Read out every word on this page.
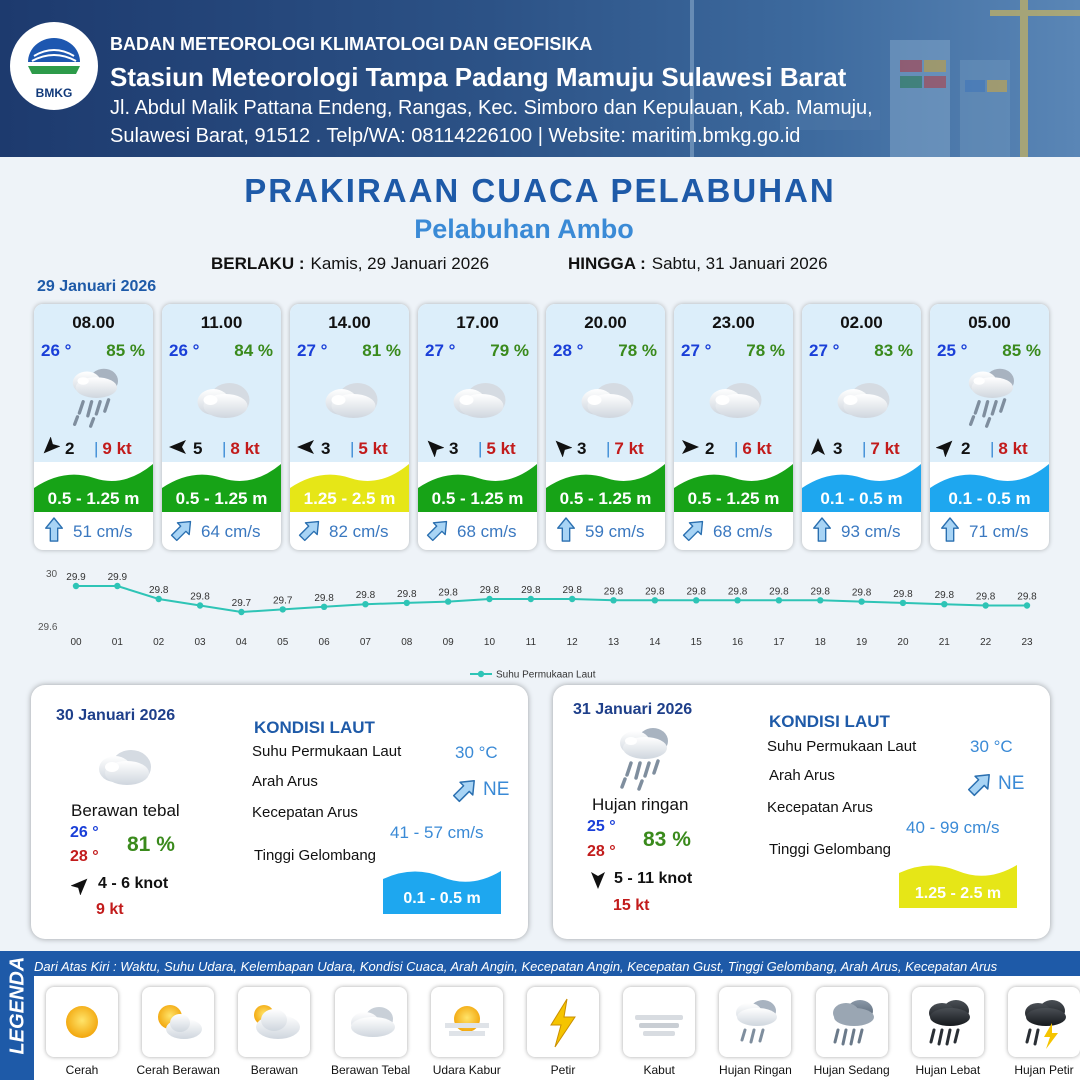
BMKG
BADAN METEOROLOGI KLIMATOLOGI DAN GEOFISIKA
Stasiun Meteorologi Tampa Padang Mamuju Sulawesi Barat
Jl. Abdul Malik Pattana Endeng, Rangas, Kec. Simboro dan Kepulauan, Kab. Mamuju,
Sulawesi Barat, 91512 . Telp/WA: 08114226100 | Website: maritim.bmkg.go.id
PRAKIRAAN CUACA PELABUHAN
Pelabuhan Ambo
BERLAKU : Kamis, 29 Januari 2026	HINGGA : Sabtu, 31 Januari 2026
29 Januari 2026
08.00
26 ° 85 %
2 | 9 kt
0.5 - 1.25 m
51 cm/s
11.00
26 ° 84 %
5 | 8 kt
0.5 - 1.25 m
64 cm/s
14.00
27 ° 81 %
3 | 5 kt
1.25 - 2.5 m
82 cm/s
17.00
27 ° 79 %
3 | 5 kt
0.5 - 1.25 m
68 cm/s
20.00
28 ° 78 %
3 | 7 kt
0.5 - 1.25 m
59 cm/s
23.00
27 ° 78 %
2 | 6 kt
0.5 - 1.25 m
68 cm/s
02.00
27 ° 83 %
3 | 7 kt
0.1 - 0.5 m
93 cm/s
05.00
25 ° 85 %
2 | 8 kt
0.1 - 0.5 m
71 cm/s
30
29.6
29.9
00
29.9
01
29.8
02
29.8
03
29.7
04
29.7
05
29.8
06
29.8
07
29.8
08
29.8
09
29.8
10
29.8
11
29.8
12
29.8
13
29.8
14
29.8
15
29.8
16
29.8
17
29.8
18
29.8
19
29.8
20
29.8
21
29.8
22
29.8
23
Suhu Permukaan Laut
30 Januari 2026
Berawan tebal
26 °
28 °
81 %
4 - 6 knot
9 kt
KONDISI LAUT
Suhu Permukaan Laut	30 °C
Arah Arus	NE
Kecepatan Arus
41 - 57 cm/s
Tinggi Gelombang
0.1 - 0.5 m
31 Januari 2026
Hujan ringan
25 °
28 °
83 %
5 - 11 knot
15 kt
KONDISI LAUT
Suhu Permukaan Laut	30 °C
Arah Arus	NE
Kecepatan Arus
40 - 99 cm/s
Tinggi Gelombang
1.25 - 2.5 m
LEGENDA Dari Atas Kiri : Waktu, Suhu Udara, Kelembapan Udara, Kondisi Cuaca, Arah Angin, Kecepatan Angin, Kecepatan Gust, Tinggi Gelombang, Arah Arus, Kecepatan Arus
Cerah	Cerah Berawan	Berawan	Berawan Tebal	Udara Kabur	Petir	Kabut	Hujan Ringan	Hujan Sedang	Hujan Lebat	Hujan Petir
